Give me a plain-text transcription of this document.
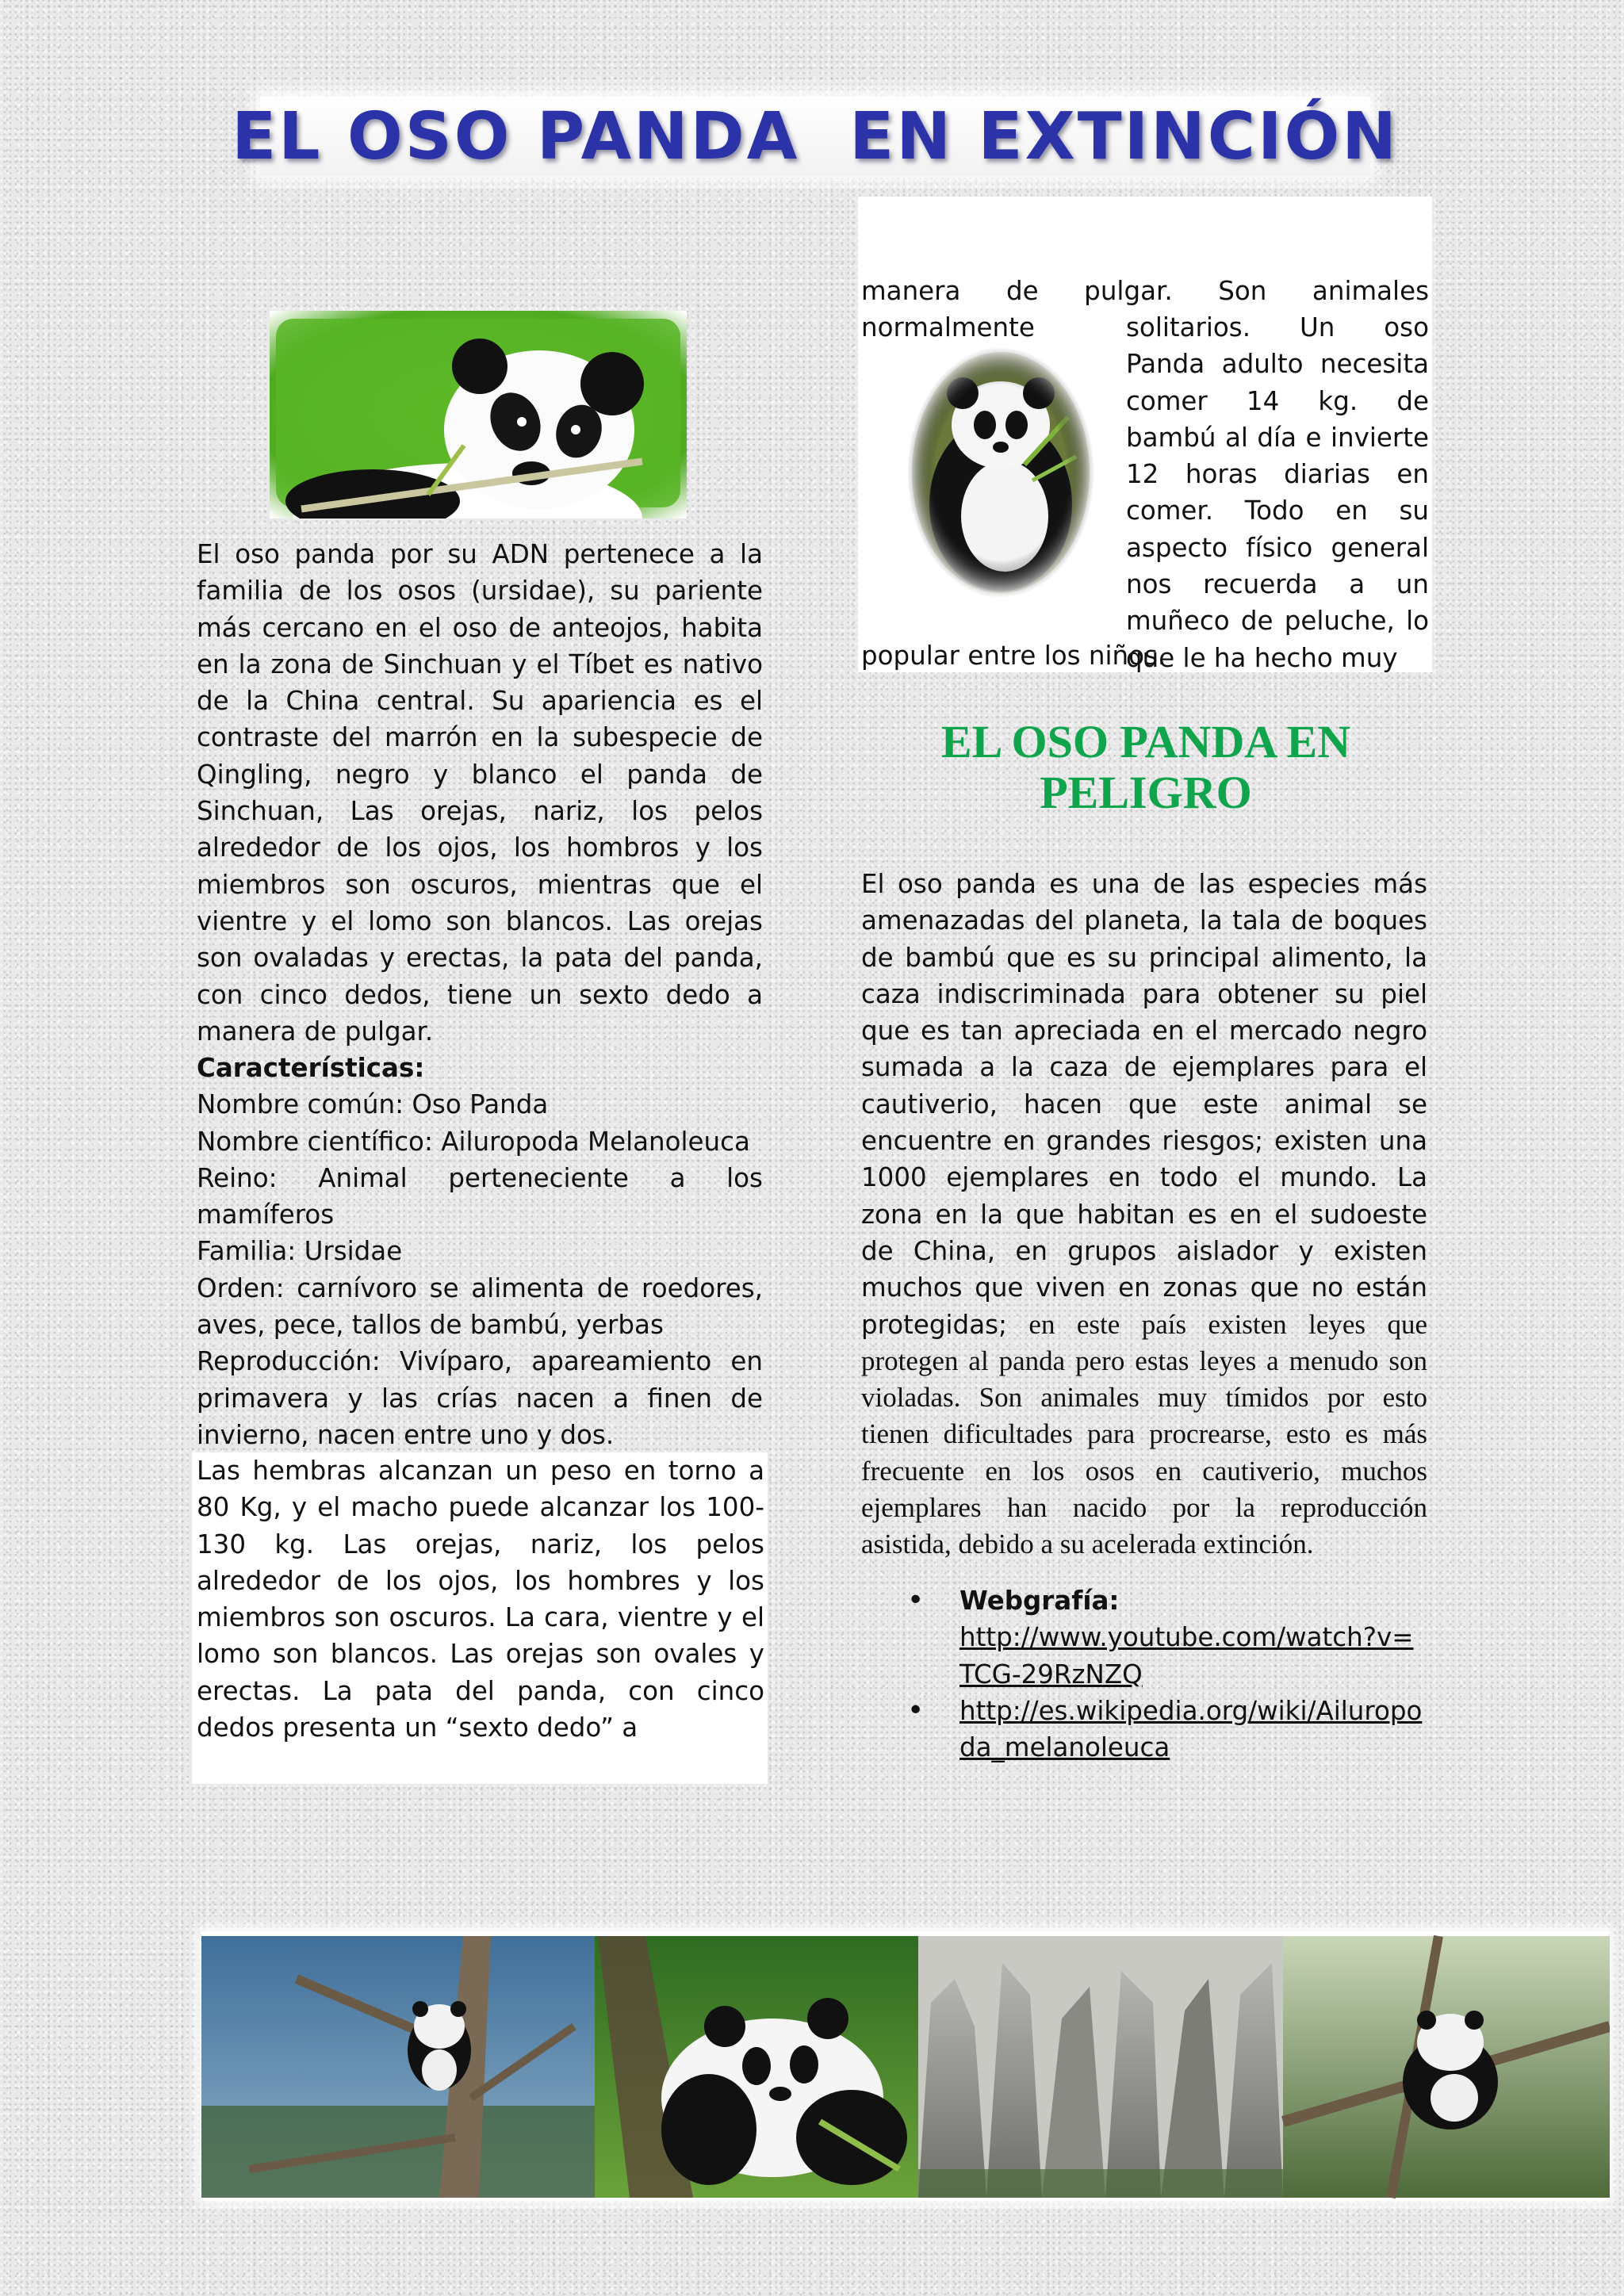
EL OSO PANDA  EN EXTINCIÓN

El oso panda por su ADN pertenece a la familia de los osos (ursidae), su pariente más cercano en el oso de anteojos, habita en la zona de Sinchuan y el Tíbet es nativo de la China central. Su apariencia es el contraste del marrón en la subespecie de Qingling, negro y blanco el panda de Sinchuan, Las orejas, nariz, los pelos alrededor de los ojos, los hombros y los miembros son oscuros, mientras que el vientre y el lomo son blancos. Las orejas son ovaladas y erectas, la pata del panda, con cinco dedos, tiene un sexto dedo a manera de pulgar.

Características:
Nombre común: Oso Panda
Nombre científico: Ailuropoda Melanoleuca
Reino: Animal perteneciente a los mamíferos
Familia: Ursidae
Orden: carnívoro se alimenta de roedores, aves, pece, tallos de bambú, yerbas
Reproducción: Vivíparo, apareamiento en primavera y las crías nacen a finen de invierno, nacen entre uno y dos.

Las hembras alcanzan un peso en torno a 80 Kg, y el macho puede alcanzar los 100-130 kg. Las orejas, nariz, los pelos alrededor de los ojos, los hombres y los miembros son oscuros. La cara, vientre y el lomo son blancos. Las orejas son ovales y erectas. La pata del panda, con cinco dedos presenta un “sexto dedo” a

manera de pulgar. Son animales normalmente	solitarios. Un oso Panda adulto necesita comer 14 kg. de bambú al día e invierte 12 horas diarias en comer. Todo en su aspecto físico general nos recuerda a un muñeco de peluche, lo que le ha hecho muy
popular entre los niños.
EL OSO PANDA EN PELIGRO

El oso panda es una de las especies más amenazadas del planeta, la tala de boques de bambú que es su principal alimento, la caza indiscriminada para obtener su piel que es tan apreciada en el mercado negro sumada a la caza de ejemplares para el cautiverio, hacen que este animal se encuentre en grandes riesgos; existen una 1000 ejemplares en todo el mundo. La zona en la que habitan es en el sudoeste de China, en grupos aislador y existen muchos que viven en zonas que no están protegidas; en este país existen leyes que protegen al panda pero estas leyes a menudo son violadas. Son animales muy tímidos por esto tienen dificultades para procrearse, esto es más frecuente en los osos en cautiverio, muchos ejemplares han nacido por la reproducción asistida, debido a su acelerada extinción.

• Webgrafía:
http://www.youtube.com/watch?v=TCG-29RzNZQ
• http://es.wikipedia.org/wiki/Ailuropoda_melanoleuca
